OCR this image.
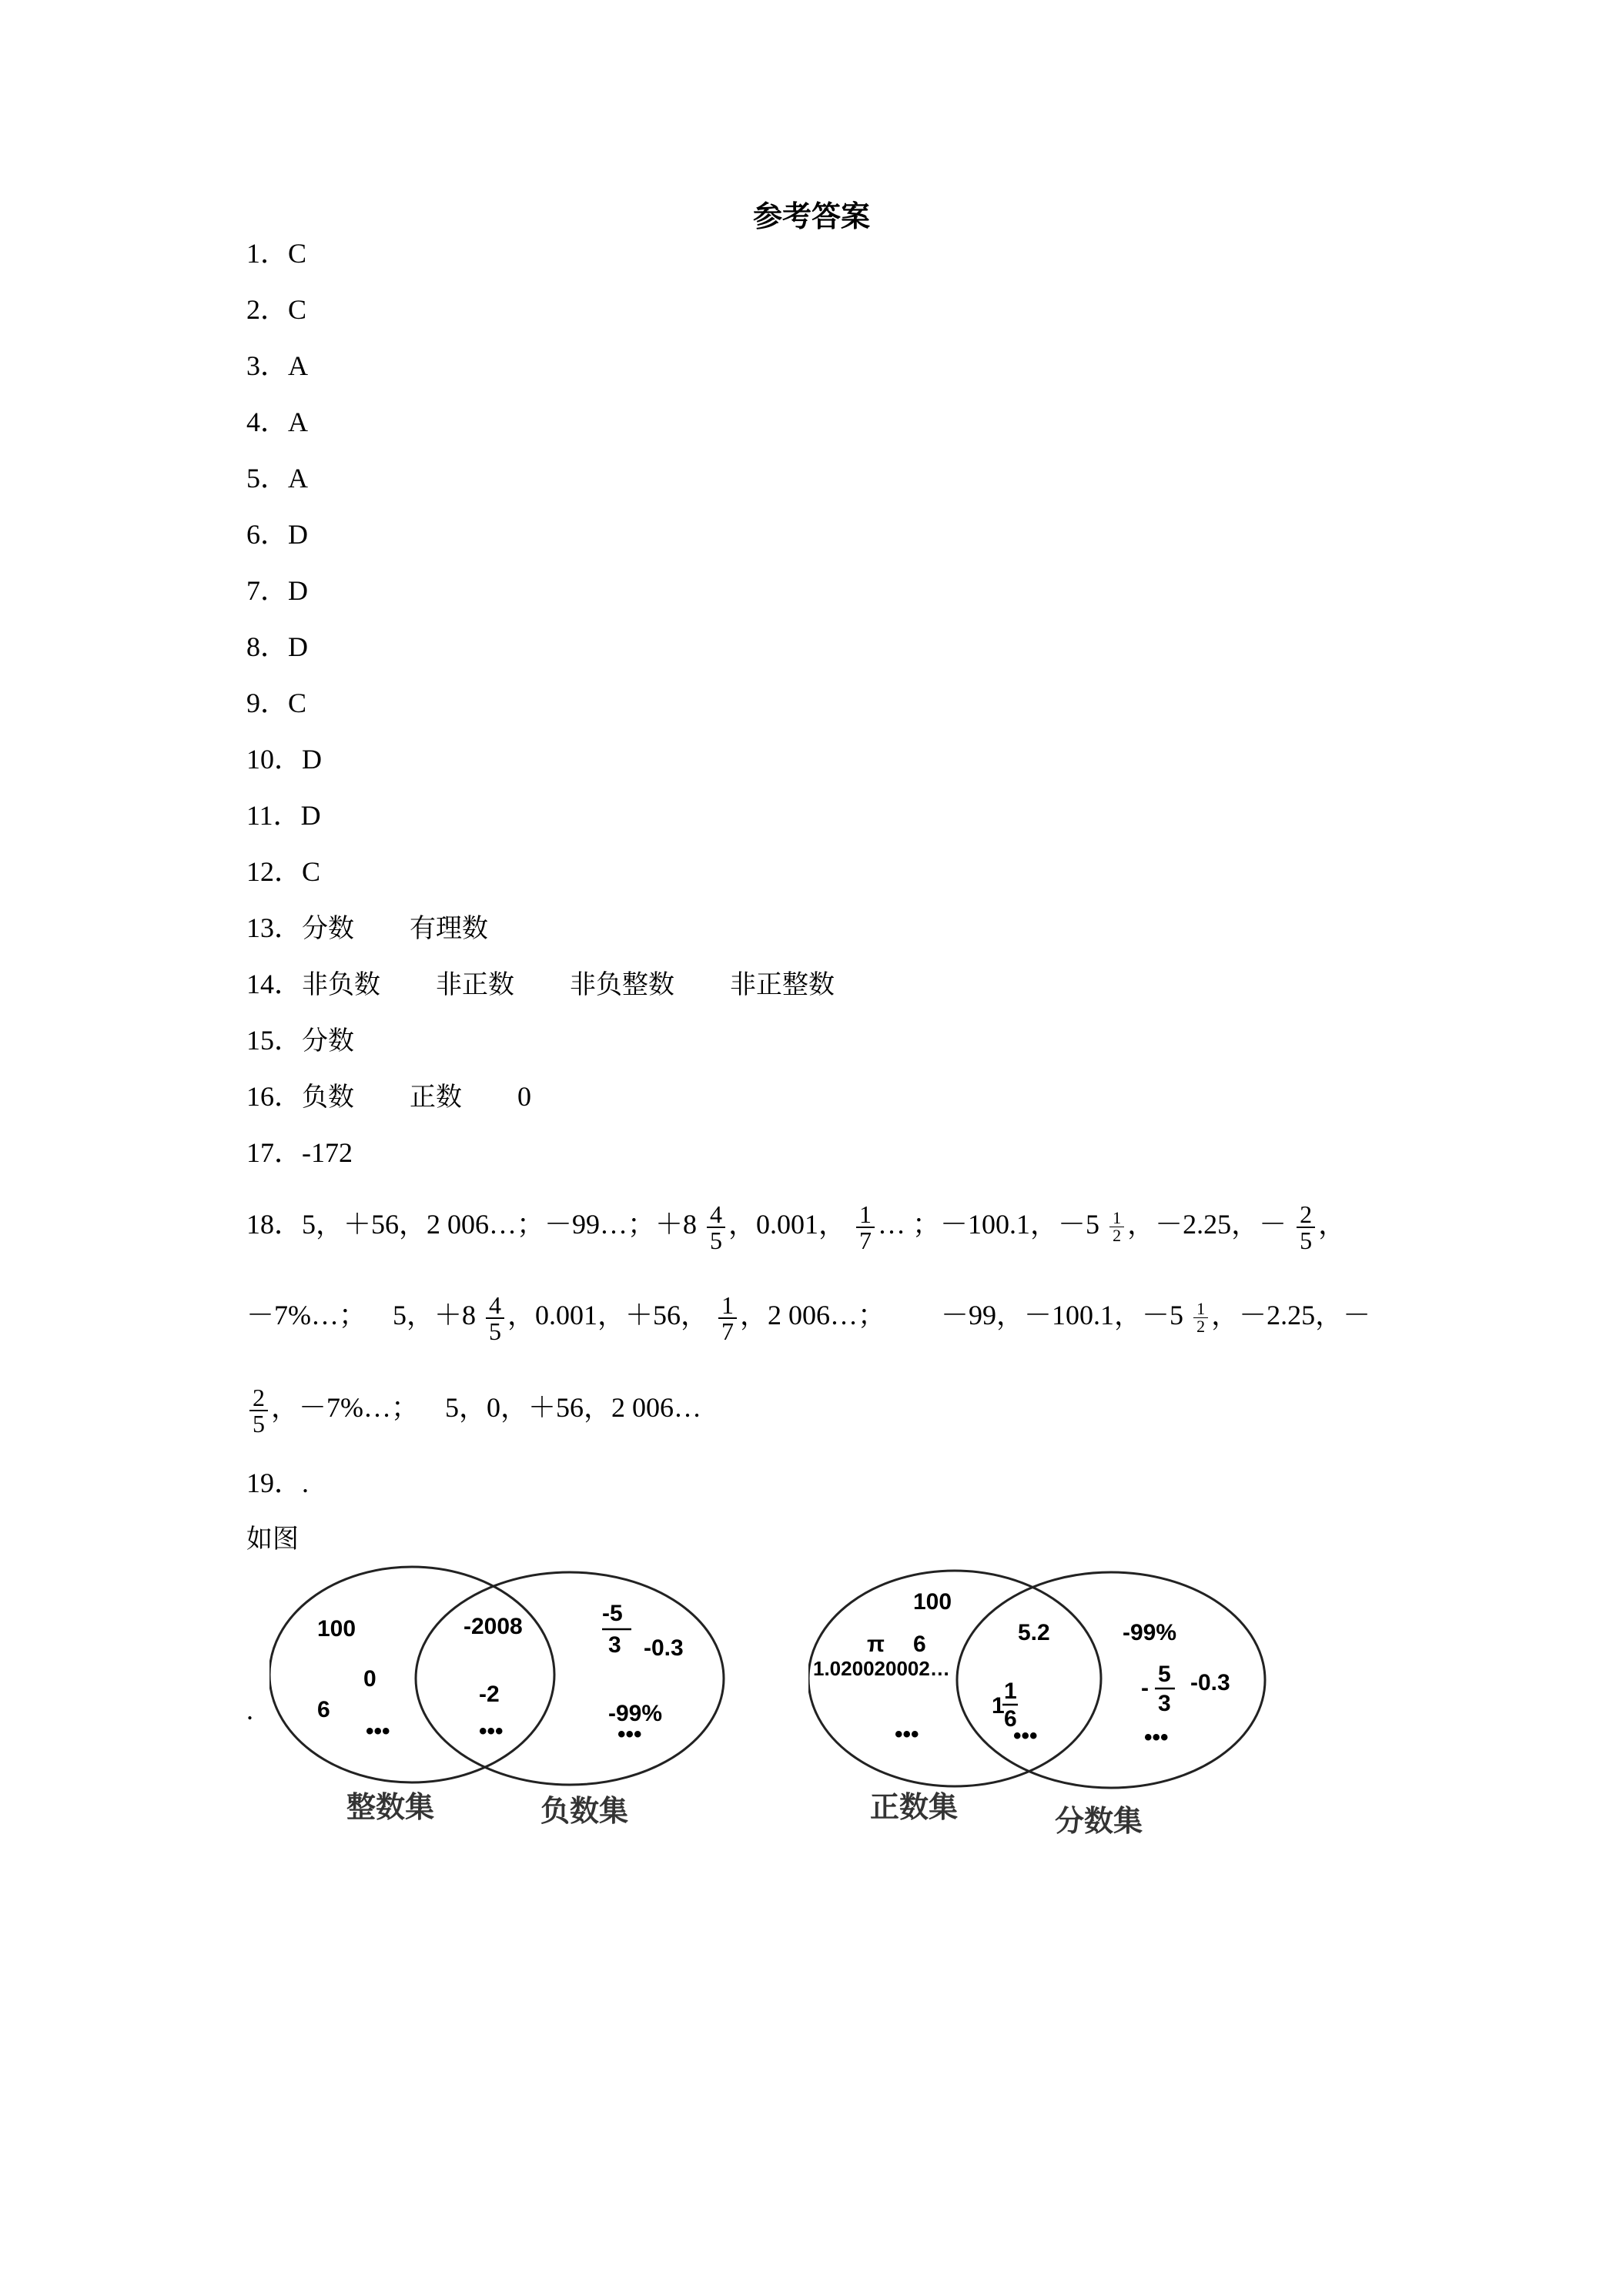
参考答案
1．C
2．C
3．A
4．A
5．A
6．D
7．D
8．D
9．C
10．D
11．D
12．C
13．分数 有理数
14．非负数 非正数 非负整数 非正整数
15．分数
16．负数 正数 0
17．-172
18．5，＋56，2 006…；－99…；$+8 \frac{4}{5}$ ，0.001， $\frac{1}{7}$ … ；－100.1，$-5 \frac{1}{2}$ ，－2.25，－ $\frac{2}{5}$ ，
－7%…； 5，$+8 \frac{4}{5}$ ，0.001，＋56， $\frac{1}{7}$ ，2 006…； －99，－100.1，$-5 \frac{1}{2}$ ，－2.25，－
$\frac{2}{5}$ ，－7%…； 5，0，＋56，2 006…
19．.
如图
.
100
0
6
•••
-2008
-2
•••
-5
3 -0.3
-99%
•••
整数集	负数集
100
π 6
1.020020002…
•••
5.2
1
1
6
•••
-99%
-
5
3
-0.3
•••
正数集	分数集
